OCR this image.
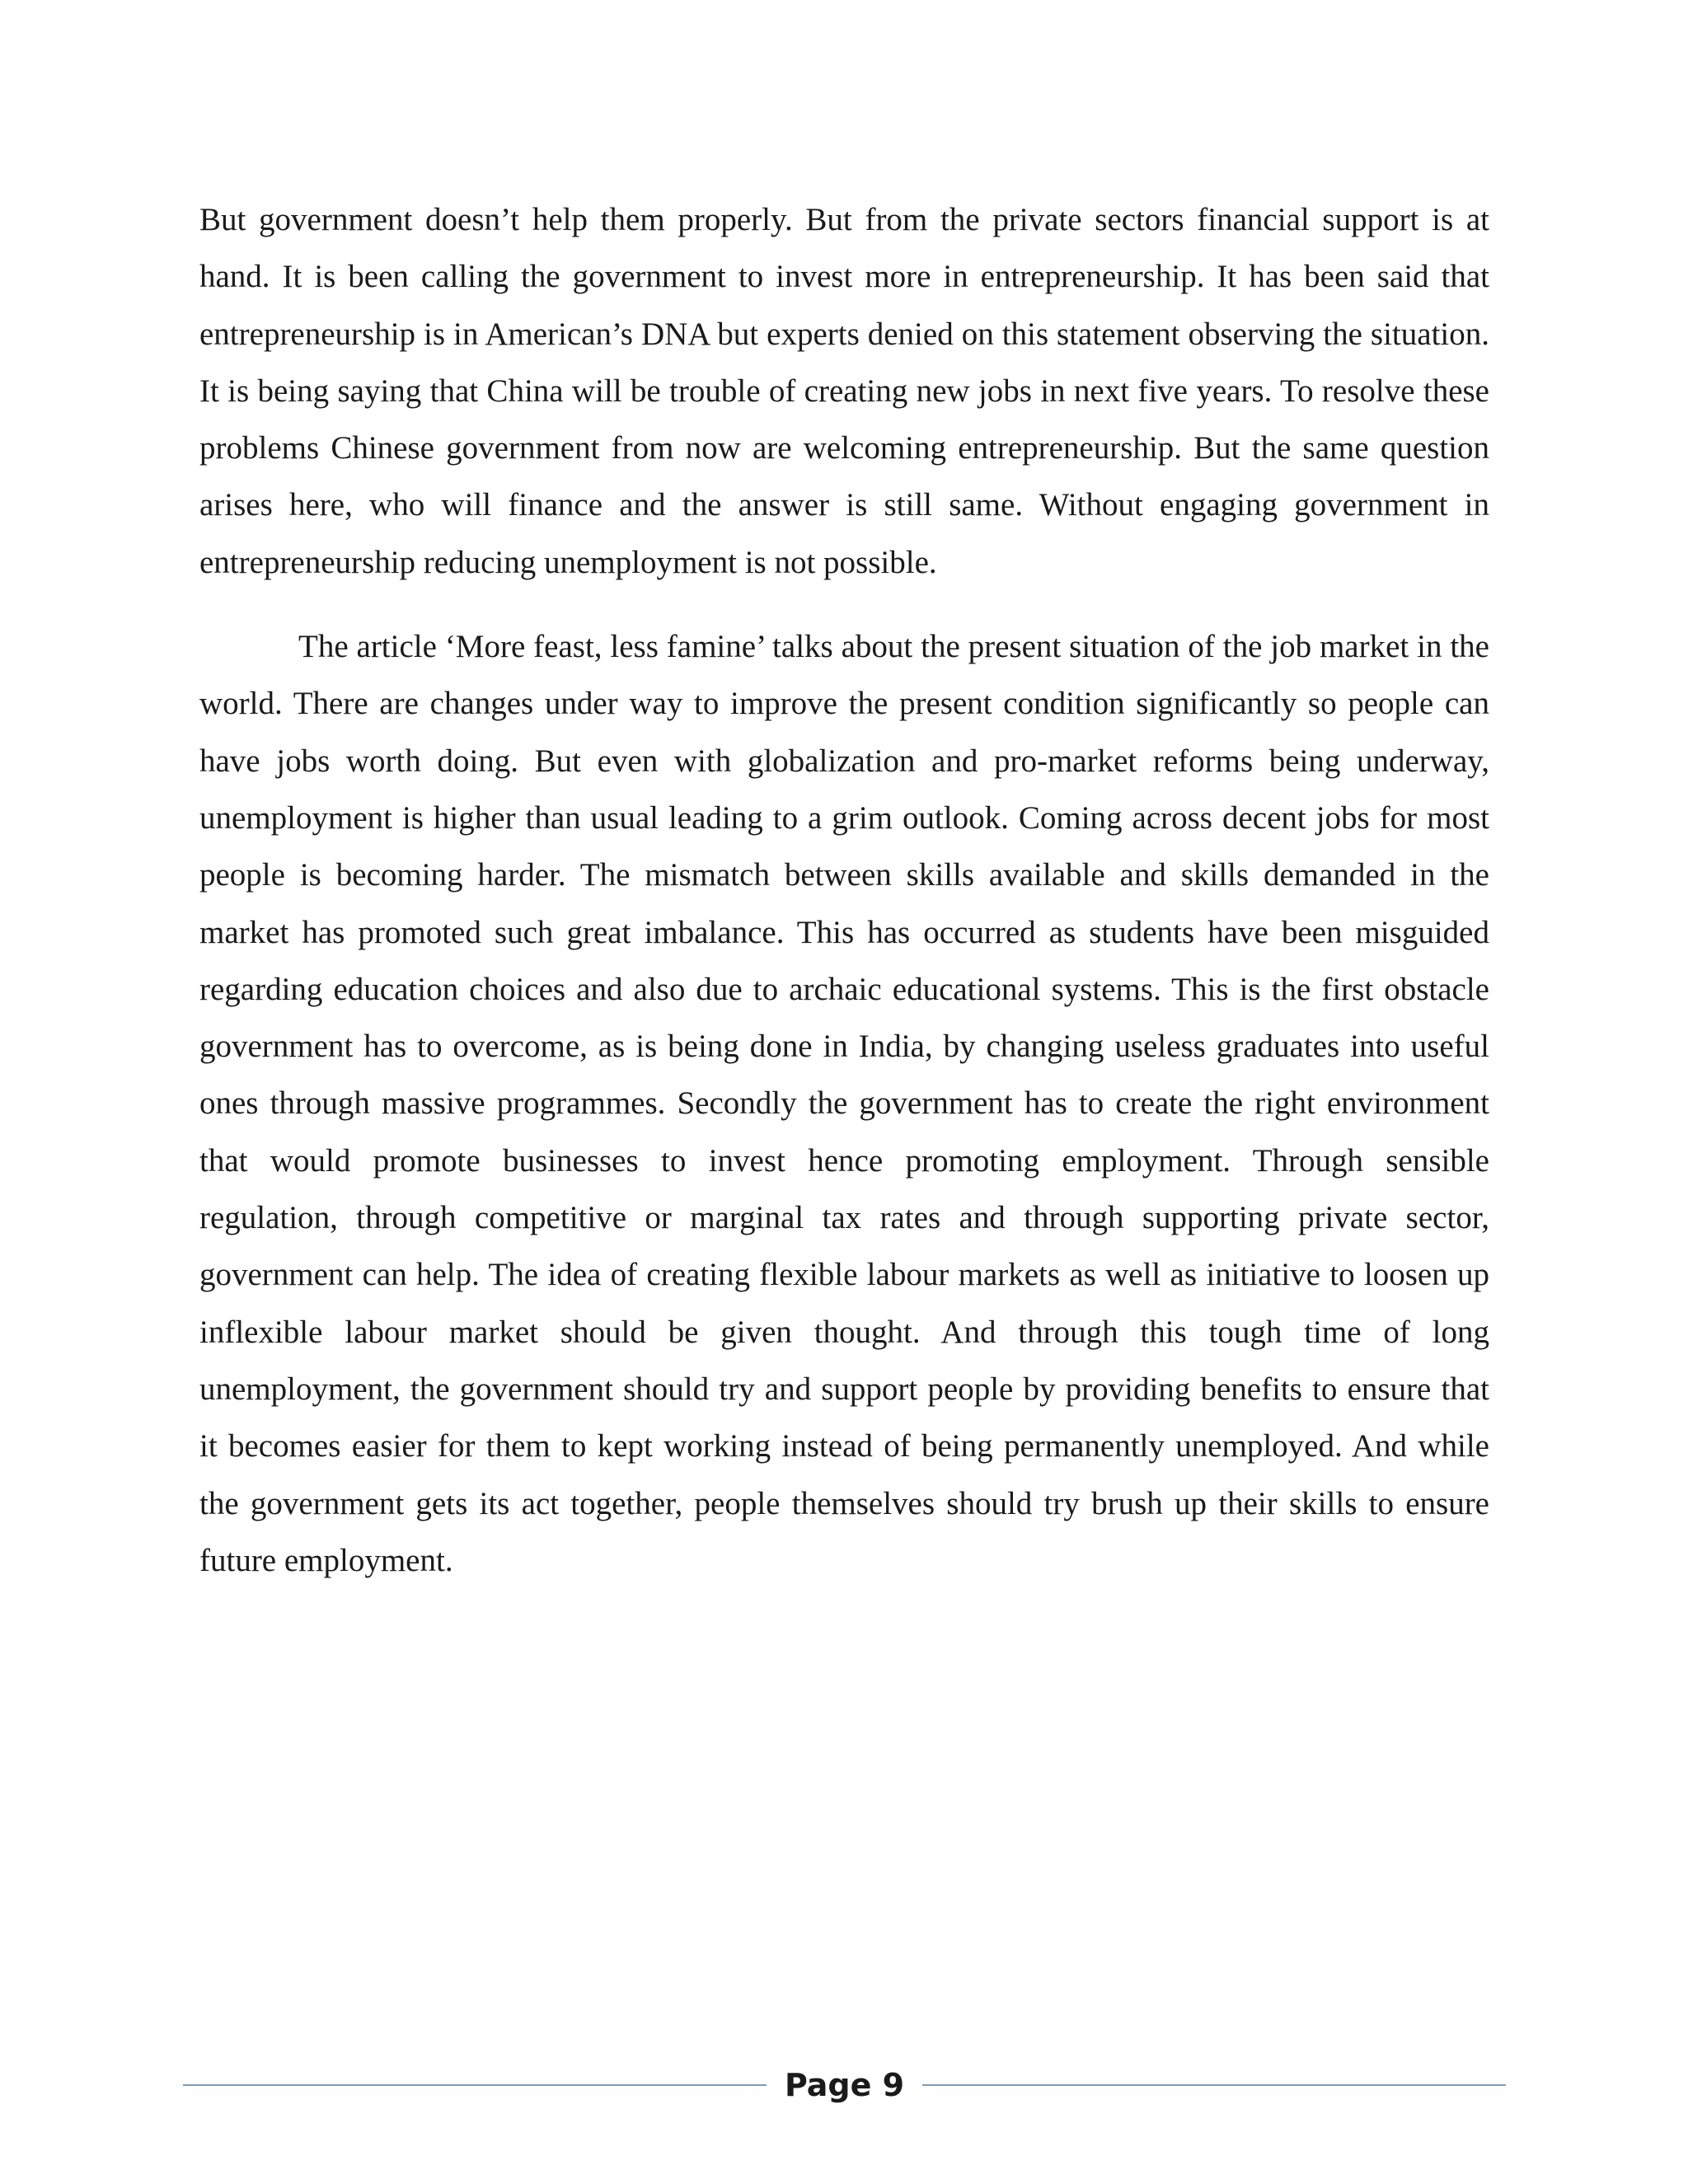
But government doesn’t help them properly. But from the private sectors financial support is at hand. It is been calling the government to invest more in entrepreneurship. It has been said that entrepreneurship is in American’s DNA but experts denied on this statement observing the situation. It is being saying that China will be trouble of creating new jobs in next five years. To resolve these problems Chinese government from now are welcoming entrepreneurship. But the same question arises here, who will finance and the answer is still same. Without engaging government in entrepreneurship reducing unemployment is not possible.

The article ‘More feast, less famine’ talks about the present situation of the job market in the world. There are changes under way to improve the present condition significantly so people can have jobs worth doing. But even with globalization and pro-market reforms being underway, unemployment is higher than usual leading to a grim outlook. Coming across decent jobs for most people is becoming harder. The mismatch between skills available and skills demanded in the market has promoted such great imbalance. This has occurred as students have been misguided regarding education choices and also due to archaic educational systems. This is the first obstacle government has to overcome, as is being done in India, by changing useless graduates into useful ones through massive programmes. Secondly the government has to create the right environment that would promote businesses to invest hence promoting employment. Through sensible regulation, through competitive or marginal tax rates and through supporting private sector, government can help. The idea of creating flexible labour markets as well as initiative to loosen up inflexible labour market should be given thought. And through this tough time of long unemployment, the government should try and support people by providing benefits to ensure that it becomes easier for them to kept working instead of being permanently unemployed. And while the government gets its act together, people themselves should try brush up their skills to ensure future employment.

Page 9
